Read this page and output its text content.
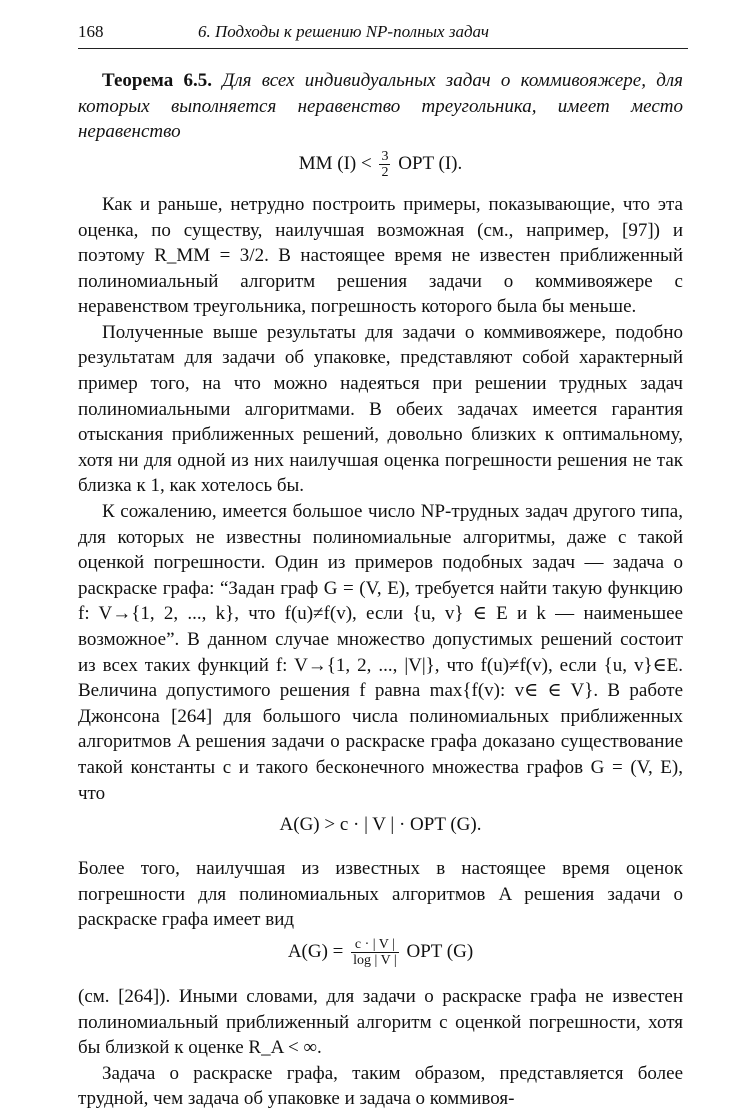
168	6. Подходы к решению NP-полных задач

Теорема 6.5. Для всех индивидуальных задач о коммивояжере, для которых выполняется неравенство треугольника, имеет место неравенство

MM $(I) < \frac{3}{2}$ OPT (I).

Как и раньше, нетрудно построить примеры, показывающие, что эта оценка, по существу, наилучшая возможная (см., например, [97]) и поэтому R_MM = 3/2. В настоящее время не известен приближенный полиномиальный алгоритм решения задачи о коммивояжере с неравенством треугольника, погрешность которого была бы меньше.

Полученные выше результаты для задачи о коммивояжере, подобно результатам для задачи об упаковке, представляют собой характерный пример того, на что можно надеяться при решении трудных задач полиномиальными алгоритмами. В обеих задачах имеется гарантия отыскания приближенных решений, довольно близких к оптимальному, хотя ни для одной из них наилучшая оценка погрешности решения не так близка к 1, как хотелось бы.

К сожалению, имеется большое число NP-трудных задач другого типа, для которых не известны полиномиальные алгоритмы, даже с такой оценкой погрешности. Один из примеров подобных задач — задача о раскраске графа: “Задан граф G = (V, E), требуется найти такую функцию f: V→{1, 2, ..., k}, что f(u)≠f(v), если {u, v} ∈ E и k — наименьшее возможное”. В данном случае множество допустимых решений состоит из всех таких функций f: V→{1, 2, ..., |V|}, что f(u)≠f(v), если {u, v}∈E. Величина допустимого решения f равна max{f(v): v∈ ∈ V}. В работе Джонсона [264] для большого числа полиномиальных приближенных алгоритмов A решения задачи о раскраске графа доказано существование такой константы c и такого бесконечного множества графов G = (V, E), что

A(G) > c · | V | · OPT (G).

Более того, наилучшая из известных в настоящее время оценок погрешности для полиномиальных алгоритмов A решения задачи о раскраске графа имеет вид

$A(G) = \frac{c \cdot | V |}{\log | V |}$ OPT (G)

(см. [264]). Иными словами, для задачи о раскраске графа не известен полиномиальный приближенный алгоритм с оценкой погрешности, хотя бы близкой к оценке R_A < ∞.

Задача о раскраске графа, таким образом, представляется более трудной, чем задача об упаковке и задача о коммивоя-
